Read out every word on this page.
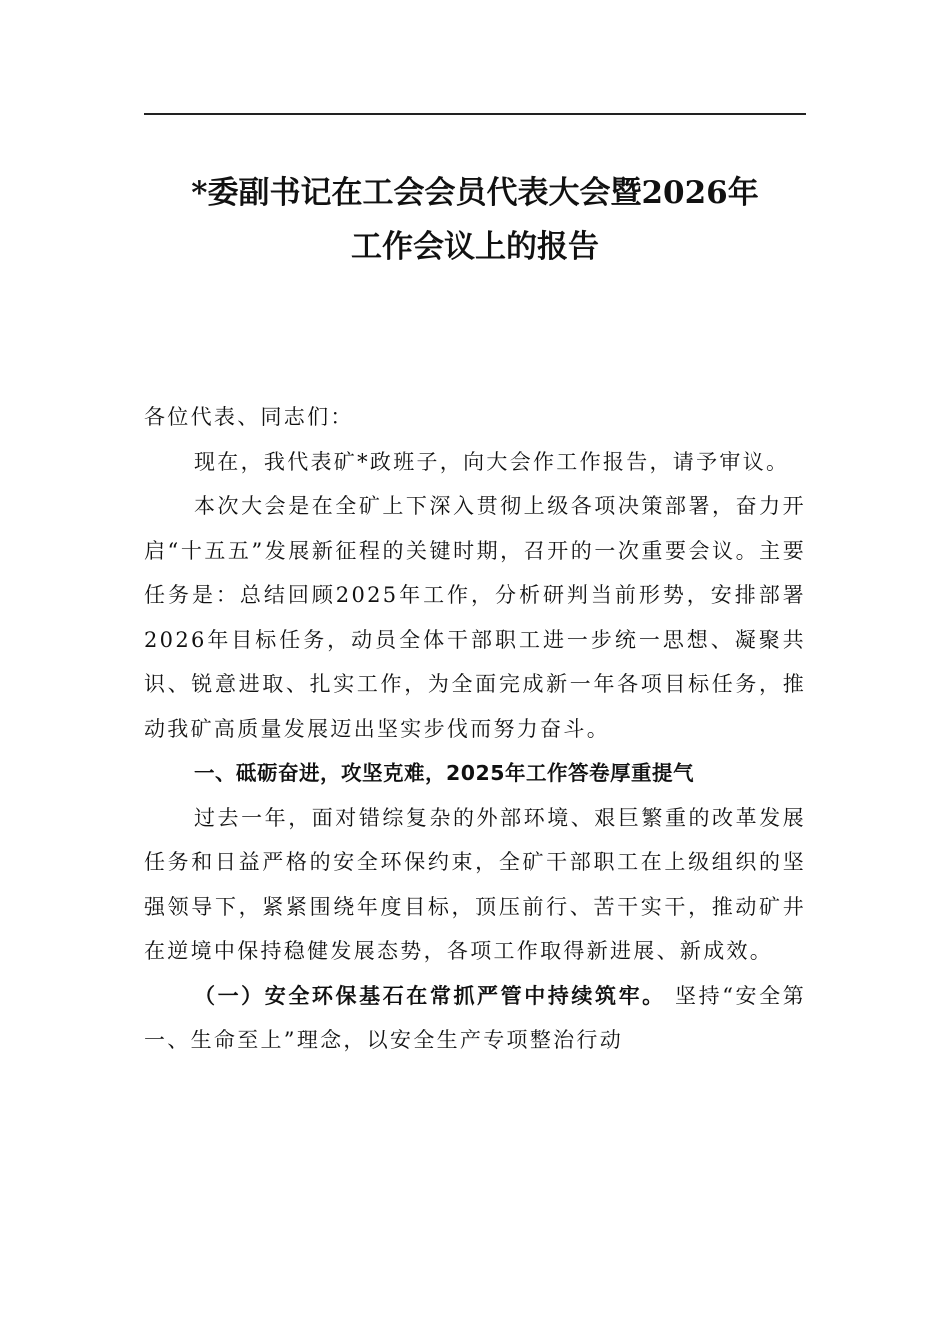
*委副书记在工会会员代表大会暨2026年
工作会议上的报告

各位代表、同志们：

现在，我代表矿*政班子，向大会作工作报告，请予审议。

本次大会是在全矿上下深入贯彻上级各项决策部署，奋力开启“十五五”发展新征程的关键时期，召开的一次重要会议。主要任务是：总结回顾2025年工作，分析研判当前形势，安排部署2026年目标任务，动员全体干部职工进一步统一思想、凝聚共识、锐意进取、扎实工作，为全面完成新一年各项目标任务，推动我矿高质量发展迈出坚实步伐而努力奋斗。

一、砥砺奋进，攻坚克难，2025年工作答卷厚重提气

过去一年，面对错综复杂的外部环境、艰巨繁重的改革发展任务和日益严格的安全环保约束，全矿干部职工在上级组织的坚强领导下，紧紧围绕年度目标，顶压前行、苦干实干，推动矿井在逆境中保持稳健发展态势，各项工作取得新进展、新成效。

（一）安全环保基石在常抓严管中持续筑牢。 坚持“安全第一、生命至上”理念，以安全生产专项整治行动
